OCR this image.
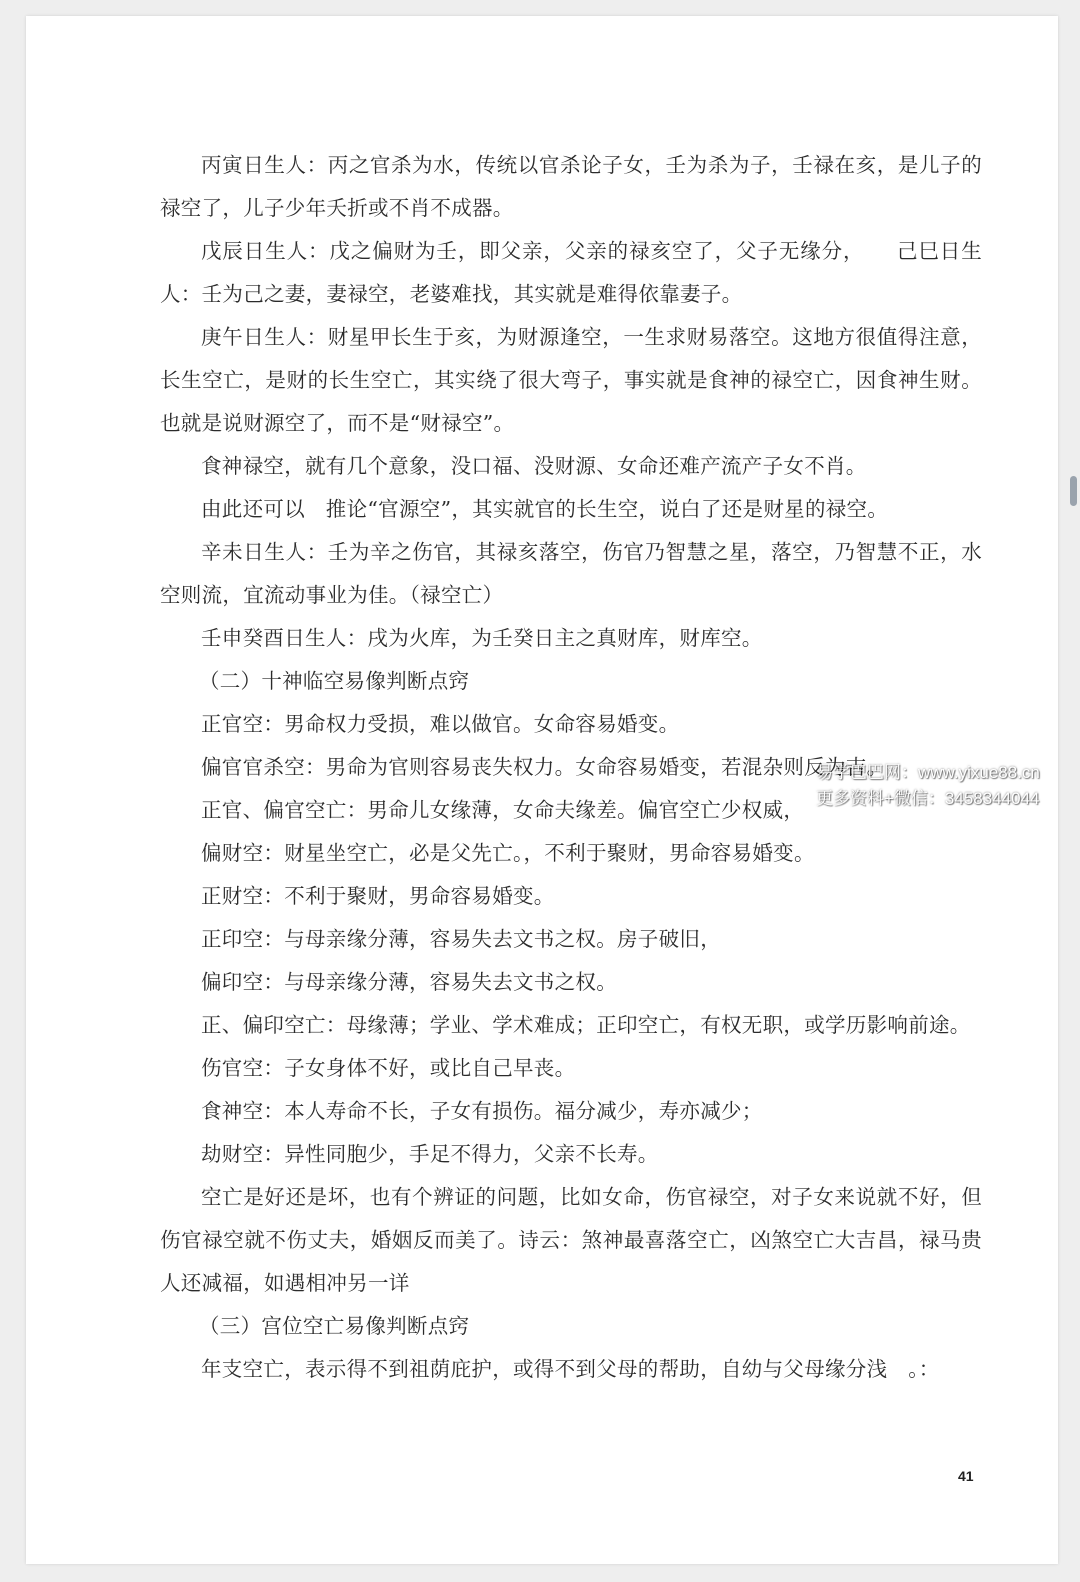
丙寅日生人：丙之官杀为水，传统以官杀论子女，壬为杀为子，壬禄在亥，是儿子的禄空了，儿子少年夭折或不肖不成器。

戊辰日生人：戊之偏财为壬，即父亲，父亲的禄亥空了，父子无缘分，　　己巳日生人：壬为己之妻，妻禄空，老婆难找，其实就是难得依靠妻子。

庚午日生人：财星甲长生于亥，为财源逢空，一生求财易落空。这地方很值得注意，长生空亡，是财的长生空亡，其实绕了很大弯子，事实就是食神的禄空亡，因食神生财。也就是说财源空了，而不是“财禄空”。

食神禄空，就有几个意象，没口福、没财源、女命还难产流产子女不肖。

由此还可以　推论“官源空”，其实就官的长生空，说白了还是财星的禄空。

辛未日生人：壬为辛之伤官，其禄亥落空，伤官乃智慧之星，落空，乃智慧不正，水空则流，宜流动事业为佳。（禄空亡）

壬申癸酉日生人：戌为火库，为壬癸日主之真财库，财库空。

（二）十神临空易像判断点窍

正官空：男命权力受损，难以做官。女命容易婚变。

偏官官杀空：男命为官则容易丧失权力。女命容易婚变，若混杂则反为吉。

正官、偏官空亡：男命儿女缘薄，女命夫缘差。偏官空亡少权威，

偏财空：财星坐空亡，必是父先亡。，不利于聚财，男命容易婚变。

正财空：不利于聚财，男命容易婚变。

正印空：与母亲缘分薄，容易失去文书之权。房子破旧，

偏印空：与母亲缘分薄，容易失去文书之权。

正、偏印空亡：母缘薄；学业、学术难成；正印空亡，有权无职，或学历影响前途。

伤官空：子女身体不好，或比自己早丧。

食神空：本人寿命不长，子女有损伤。福分减少，寿亦减少；

劫财空：异性同胞少，手足不得力，父亲不长寿。

空亡是好还是坏，也有个辨证的问题，比如女命，伤官禄空，对子女来说就不好，但伤官禄空就不伤丈夫，婚姻反而美了。诗云：煞神最喜落空亡，凶煞空亡大吉昌，禄马贵人还减福，如遇相冲另一详

（三）宫位空亡易像判断点窍

年支空亡，表示得不到祖荫庇护，或得不到父母的帮助，自幼与父母缘分浅　。：

41
易学巴巴网：www.yixue88.cn
更多资料+微信：3458344044
